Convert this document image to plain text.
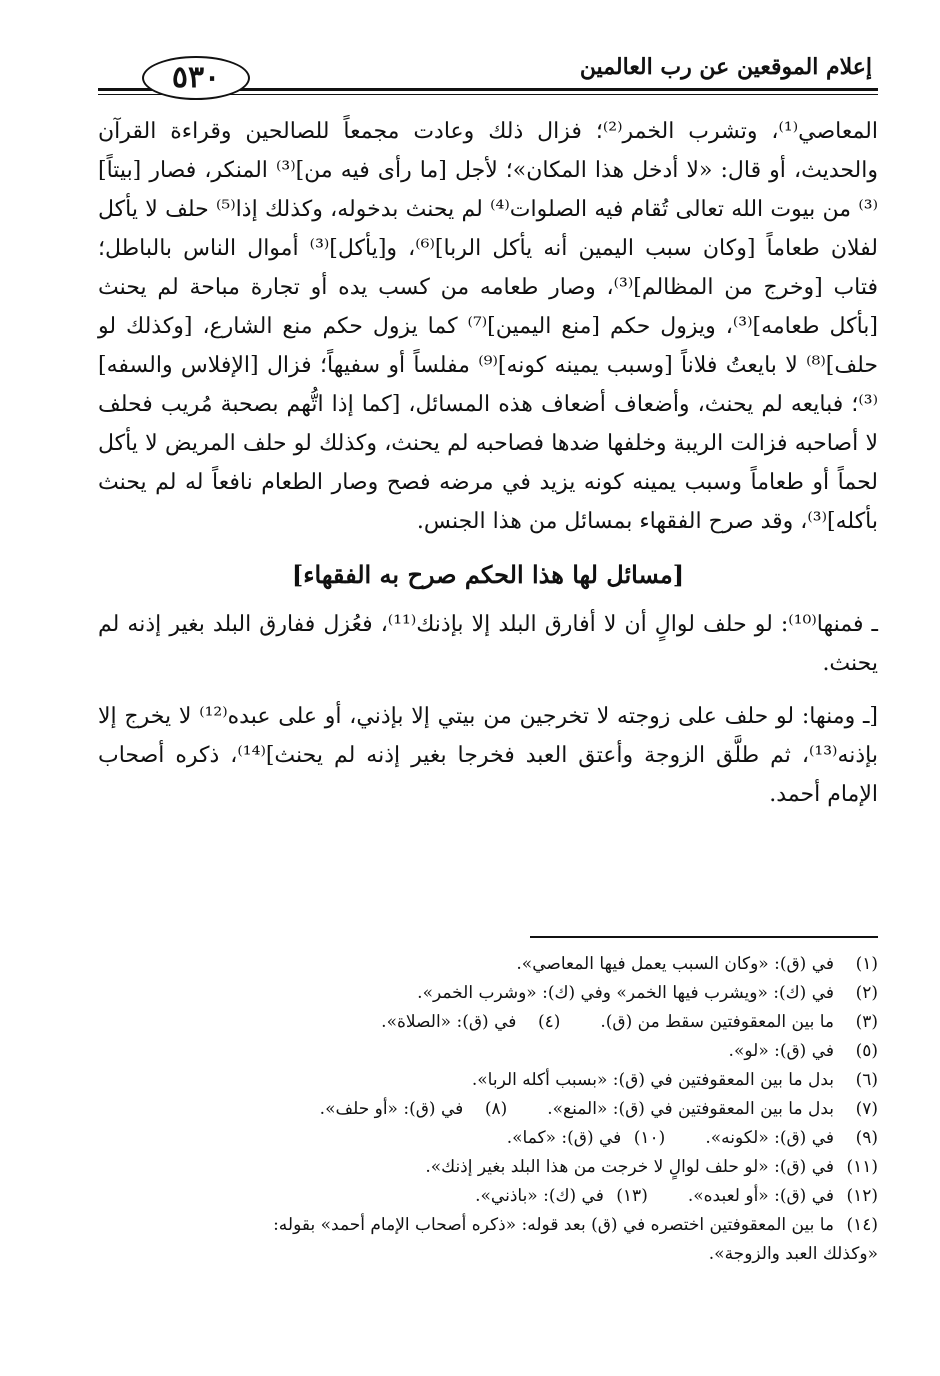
٥٣٠	إعلام الموقعين عن رب العالمين

المعاصي⁽¹⁾، وتشرب الخمر⁽²⁾؛ فزال ذلك وعادت مجمعاً للصالحين وقراءة القرآن والحديث، أو قال: «لا أدخل هذا المكان»؛ لأجل [ما رأى فيه من]⁽³⁾ المنكر، فصار [بيتاً]⁽³⁾ من بيوت الله تعالى تُقام فيه الصلوات⁽⁴⁾ لم يحنث بدخوله، وكذلك إذا⁽⁵⁾ حلف لا يأكل لفلان طعاماً [وكان سبب اليمين أنه يأكل الربا]⁽⁶⁾، و[يأكل]⁽³⁾ أموال الناس بالباطل؛ فتاب [وخرج من المظالم]⁽³⁾، وصار طعامه من كسب يده أو تجارة مباحة لم يحنث [بأكل طعامه]⁽³⁾، ويزول حكم [منع اليمين]⁽⁷⁾ كما يزول حكم منع الشارع، [وكذلك لو حلف]⁽⁸⁾ لا بايعتُ فلاناً [وسبب يمينه كونه]⁽⁹⁾ مفلساً أو سفيهاً؛ فزال [الإفلاس والسفه]⁽³⁾؛ فبايعه لم يحنث، وأضعاف أضعاف هذه المسائل، [كما إذا اتُّهم بصحبة مُريب فحلف لا أصاحبه فزالت الريبة وخلفها ضدها فصاحبه لم يحنث، وكذلك لو حلف المريض لا يأكل لحماً أو طعاماً وسبب يمينه كونه يزيد في مرضه فصح وصار الطعام نافعاً له لم يحنث بأكله]⁽³⁾، وقد صرح الفقهاء بمسائل من هذا الجنس.

[مسائل لها هذا الحكم صرح به الفقهاء]

ـ فمنها⁽¹⁰⁾: لو حلف لوالٍ أن لا أفارق البلد إلا بإذنك⁽¹¹⁾، فعُزل ففارق البلد بغير إذنه لم يحنث.

[ـ ومنها: لو حلف على زوجته لا تخرجين من بيتي إلا بإذني، أو على عبده⁽¹²⁾ لا يخرج إلا بإذنه⁽¹³⁾، ثم طلَّق الزوجة وأعتق العبد فخرجا بغير إذنه لم يحنث]⁽¹⁴⁾، ذكره أصحاب الإمام أحمد.

(١)في (ق): «وكان السبب يعمل فيها المعاصي».

(٢)في (ك): «ويشرب فيها الخمر» وفي (ك): «وشرب الخمر».

(٣)ما بين المعقوفتين سقط من (ق).(٤)في (ق): «الصلاة».

(٥)في (ق): «لو».

(٦)بدل ما بين المعقوفتين في (ق): «بسبب أكله الربا».

(٧)بدل ما بين المعقوفتين في (ق): «المنع».(٨)في (ق): «أو حلف».

(٩)في (ق): «لكونه».(١٠)في (ق): «كما».

(١١)في (ق): «لو حلف لوالٍ لا خرجت من هذا البلد بغير إذنك».

(١٢)في (ق): «أو لعبده».(١٣)في (ك): «باذني».

(١٤)ما بين المعقوفتين اختصره في (ق) بعد قوله: «ذكره أصحاب الإمام أحمد» بقوله:

«وكذلك العبد والزوجة».
